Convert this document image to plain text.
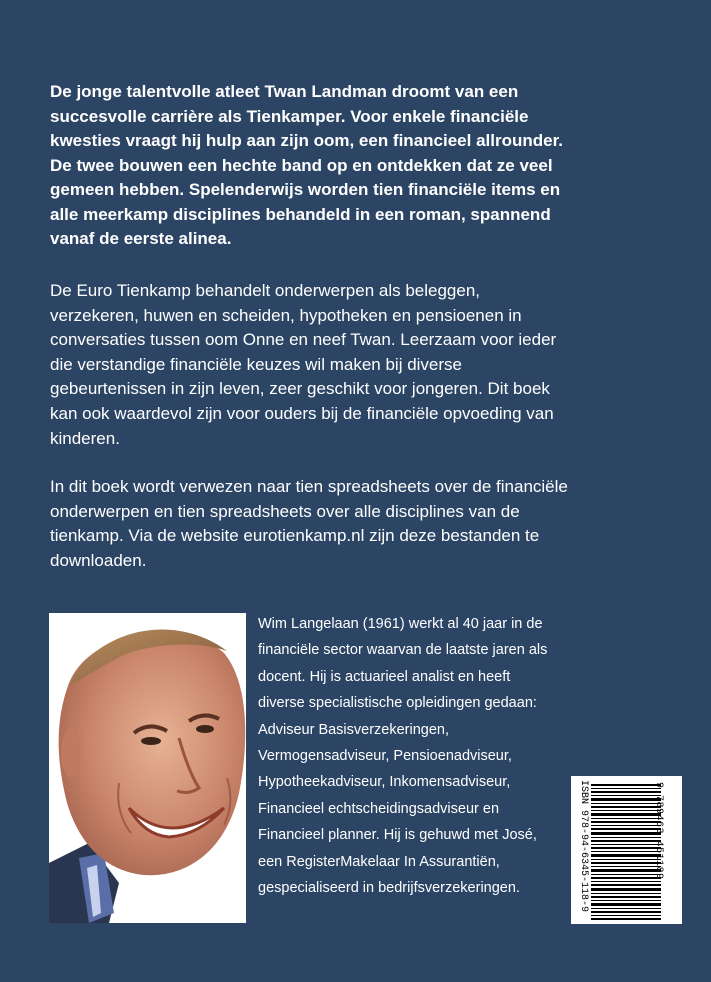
De jonge talentvolle atleet Twan Landman droomt van een succesvolle carrière als Tienkamper. Voor enkele financiële kwesties vraagt hij hulp aan zijn oom, een financieel allrounder. De twee bouwen een hechte band op en ontdekken dat ze veel gemeen hebben. Spelenderwijs worden tien financiële items en alle meerkamp disciplines behandeld in een roman, spannend vanaf de eerste alinea.

De Euro Tienkamp behandelt onderwerpen als beleggen, verzekeren, huwen en scheiden, hypotheken en pensioenen in conversaties tussen oom Onne en neef Twan. Leerzaam voor ieder die verstandige financiële keuzes wil maken bij diverse gebeurtenissen in zijn leven, zeer geschikt voor jongeren. Dit boek kan ook waardevol zijn voor ouders bij de financiële opvoeding van kinderen.

In dit boek wordt verwezen naar tien spreadsheets over de financiële onderwerpen en tien spreadsheets over alle disciplines van de tienkamp. Via de website eurotienkamp.nl zijn deze bestanden te downloaden.

Wim Langelaan (1961) werkt al 40 jaar in de financiële sector waarvan de laatste jaren als docent. Hij is actuarieel analist en heeft diverse specialistische opleidingen gedaan: Adviseur Basisverzekeringen, Vermogensadviseur, Pensioenadviseur, Hypotheekadviseur, Inkomensadviseur, Financieel echtscheidingsadviseur en Financieel planner. Hij is gehuwd met José, een RegisterMakelaar In Assurantiën, gespecialiseerd in bedrijfsverzekeringen.	ISBN 978-94-6345-118-9	9 789463 451189
